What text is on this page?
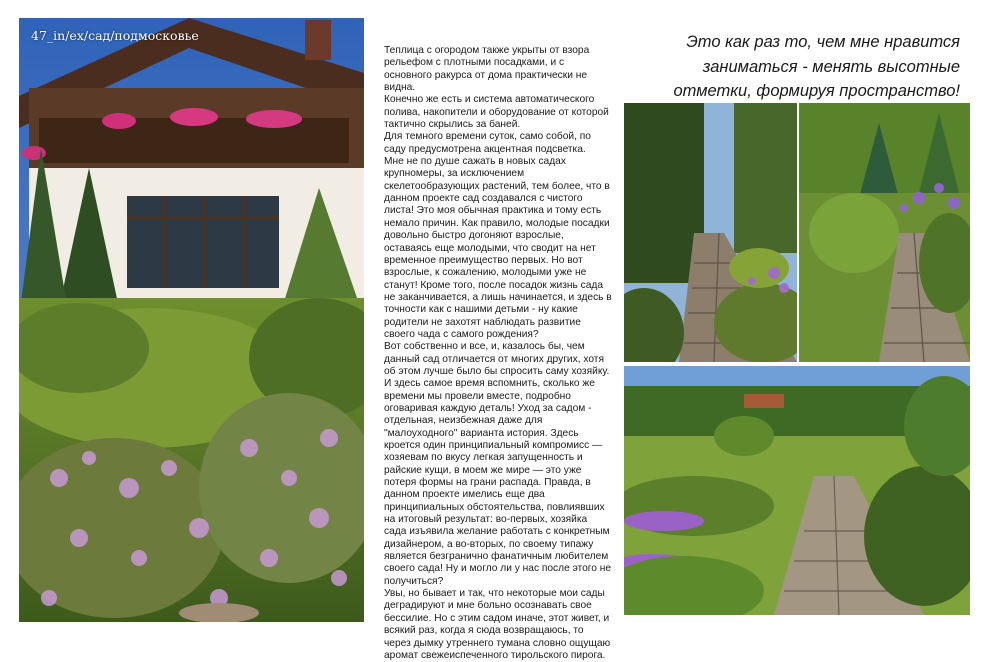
47_in/ex/сад/подмосковье

Теплица с огородом также укрыты от взора рельефом с плотными посадками, и с основного ракурса от дома практически не видна.

Конечно же есть и система автоматического полива, накопители и оборудование от которой тактично скрылись за баней.

Для темного времени суток, само собой, по саду предусмотрена акцентная подсветка.

Мне не по душе сажать в новых садах крупномеры, за исключением скелетообразующих растений, тем более, что в данном проекте сад создавался с чистого листа! Это моя обычная практика и тому есть немало причин. Как правило, молодые посадки довольно быстро догоняют взрослые, оставаясь еще молодыми, что сводит на нет временное преимущество первых. Но вот взрослые, к сожалению, молодыми уже не станут! Кроме того, после посадок жизнь сада не заканчивается, а лишь начинается, и здесь в точности как с нашими детьми - ну какие родители не захотят наблюдать развитие своего чада с самого рождения?

Вот собственно и все, и, казалось бы, чем данный сад отличается от многих других, хотя об этом лучше было бы спросить саму хозяйку. И здесь самое время вспомнить, сколько же времени мы провели вместе, подробно оговаривая каждую деталь! Уход за садом - отдельная, неизбежная даже для "малоуходного" варианта история. Здесь кроется один принципиальный компромисс — хозяевам по вкусу легкая запущенность и райские кущи, в моем же мире — это уже потеря формы на грани распада. Правда, в данном проекте имелись еще два принципиальных обстоятельства, повлиявших на итоговый результат: во-первых, хозяйка сада изъявила желание работать с конкретным дизайнером, а во-вторых, по своему типажу является безгранично фанатичным любителем своего сада! Ну и могло ли у нас после этого не получиться?

Увы, но бывает и так, что некоторые мои сады деградируют и мне больно осознавать свое бессилие. Но с этим садом иначе, этот живет, и всякий раз, когда я сюда возвращаюсь, то через дымку утреннего тумана словно ощущаю аромат свежеиспеченного тирольского пирога.

Это как раз то, чем мне нравится заниматься - менять высотные отметки, формируя пространство!
